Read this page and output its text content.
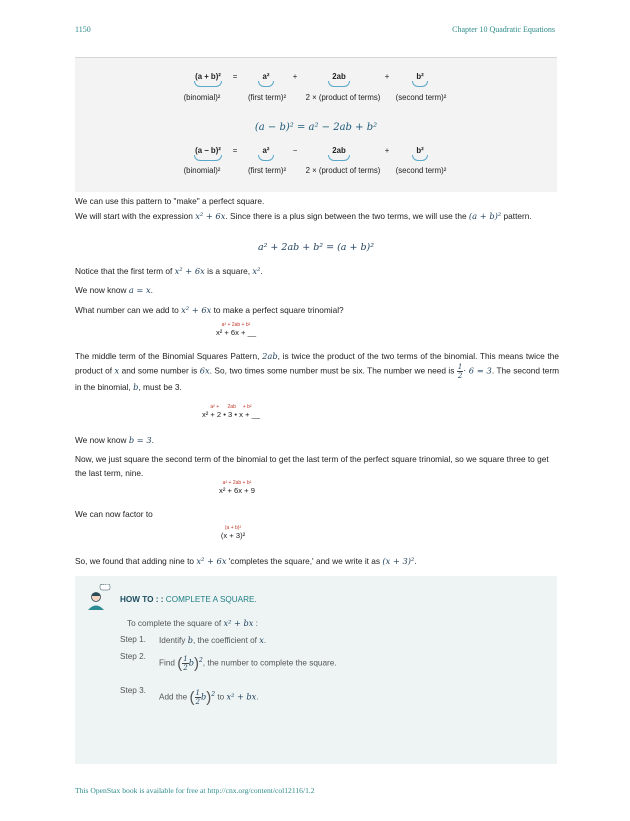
1150	Chapter 10 Quadratic Equations
(a + b)²	=	a²	+	2ab	+	b²
(binomial)²	(first term)²	2 × (product of terms)	(second term)²
(a − b)² = a² − 2ab + b²
(a − b)²	=	a²	−	2ab	+	b²
(binomial)²	(first term)²	2 × (product of terms)	(second term)²
We can use this pattern to "make" a perfect square.
We will start with the expression x² + 6x. Since there is a plus sign between the two terms, we will use the (a + b)² pattern.
a² + 2ab + b² = (a + b)²
Notice that the first term of x² + 6x is a square, x².
We now know a = x.
What number can we add to x² + 6x to make a perfect square trinomial?
a² + 2ab + b²
x² + 6x + __
The middle term of the Binomial Squares Pattern, 2ab, is twice the product of the two terms of the binomial. This means twice the product of x and some number is 6x. So, two times some number must be six. The number we need is $\frac{1}{2}\cdot 6 = 3$. The second term in the binomial, b, must be 3.
a² + 2ab + b²
x² + 2 • 3 • x + __
We now know b = 3.
Now, we just square the second term of the binomial to get the last term of the perfect square trinomial, so we square three to get the last term, nine.
a² + 2ab + b²
x² + 6x + 9
We can now factor to
(a + b)²
(x + 3)²
So, we found that adding nine to x² + 6x 'completes the square,' and we write it as (x + 3)².
...
HOW TO : : COMPLETE A SQUARE.
To complete the square of x² + bx :
Step 1. Identify b, the coefficient of x.
Step 2.
Find ( $\frac{1}{2}b)^2$, the number to complete the square.
Step 3.
Add the ( $\frac{1}{2}b)^2$ to x² + bx.
This OpenStax book is available for free at http://cnx.org/content/col12116/1.2
